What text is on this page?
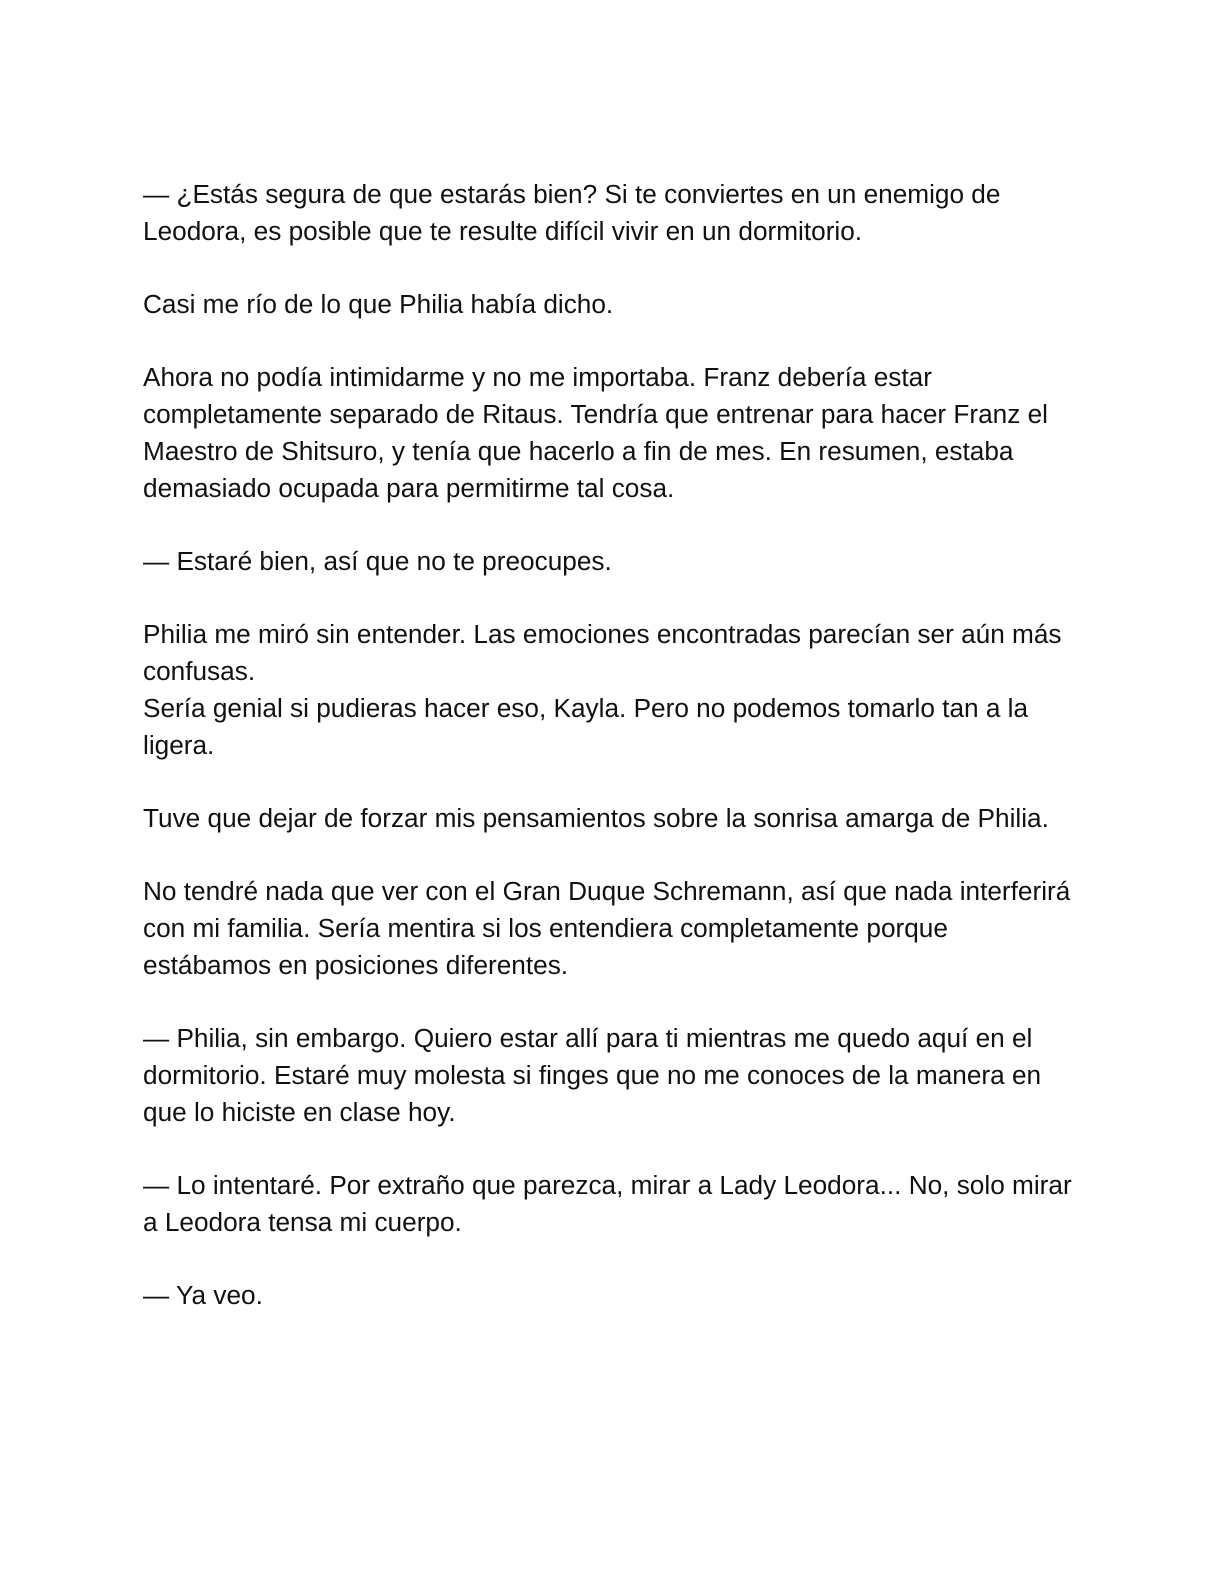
— ¿Estás segura de que estarás bien? Si te conviertes en un enemigo de Leodora, es posible que te resulte difícil vivir en un dormitorio.

Casi me río de lo que Philia había dicho.

Ahora no podía intimidarme y no me importaba. Franz debería estar completamente separado de Ritaus. Tendría que entrenar para hacer Franz el Maestro de Shitsuro, y tenía que hacerlo a fin de mes. En resumen, estaba demasiado ocupada para permitirme tal cosa.

— Estaré bien, así que no te preocupes.

Philia me miró sin entender. Las emociones encontradas parecían ser aún más confusas.

Sería genial si pudieras hacer eso, Kayla. Pero no podemos tomarlo tan a la ligera.

Tuve que dejar de forzar mis pensamientos sobre la sonrisa amarga de Philia.

No tendré nada que ver con el Gran Duque Schremann, así que nada interferirá con mi familia. Sería mentira si los entendiera completamente porque estábamos en posiciones diferentes.

— Philia, sin embargo. Quiero estar allí para ti mientras me quedo aquí en el dormitorio. Estaré muy molesta si finges que no me conoces de la manera en que lo hiciste en clase hoy.

— Lo intentaré. Por extraño que parezca, mirar a Lady Leodora... No, solo mirar a Leodora tensa mi cuerpo.

— Ya veo.
